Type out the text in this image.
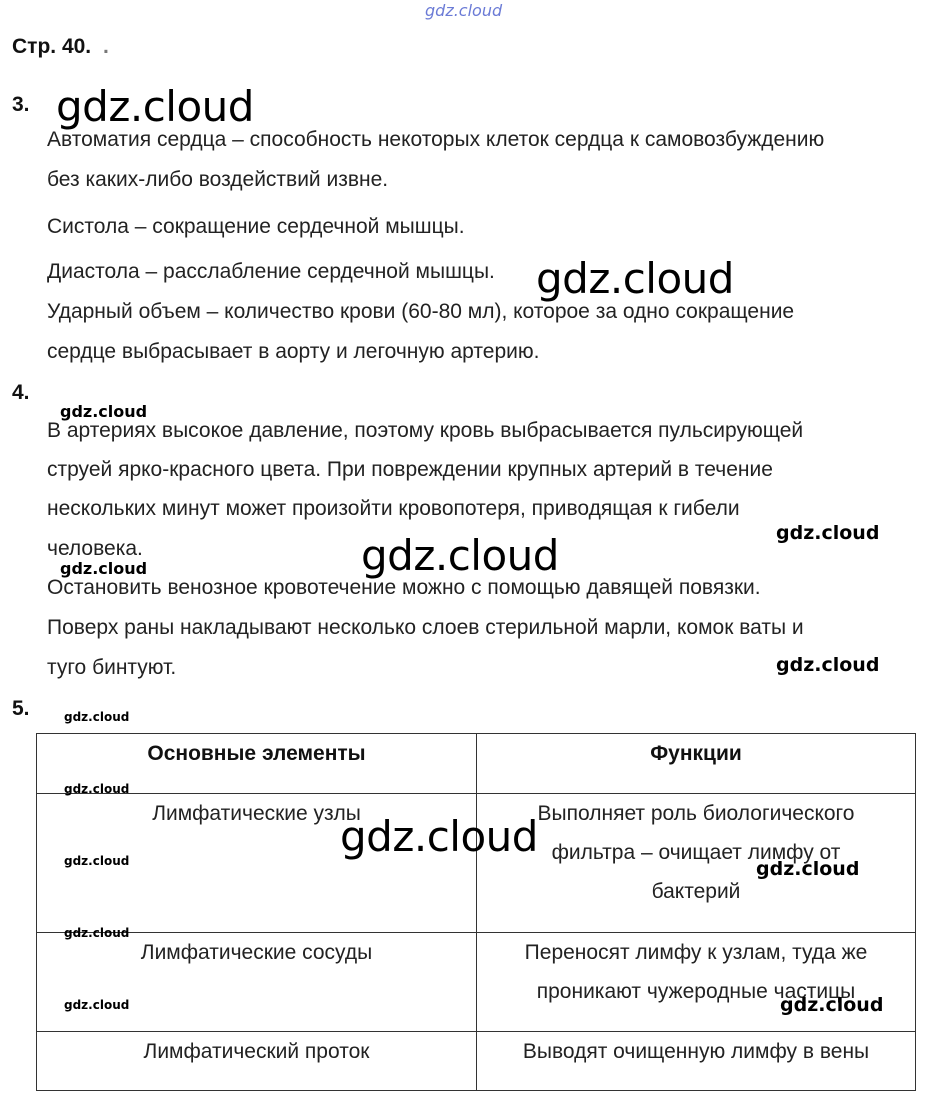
gdz.cloud
Стр. 40. .
3.
Автоматия сердца – способность некоторых клеток сердца к самовозбуждению
без каких-либо воздействий извне.
Систола – сокращение сердечной мышцы.
Диастола – расслабление сердечной мышцы.
Ударный объем – количество крови (60-80 мл), которое за одно сокращение
сердце выбрасывает в аорту и легочную артерию.
4.
В артериях высокое давление, поэтому кровь выбрасывается пульсирующей
струей ярко-красного цвета. При повреждении крупных артерий в течение
нескольких минут может произойти кровопотеря, приводящая к гибели
человека.
Остановить венозное кровотечение можно с помощью давящей повязки.
Поверх раны накладывают несколько слоев стерильной марли, комок ваты и
туго бинтуют.
5.
Основные элементы	Функции
Лимфатические узлы	Выполняет роль биологического
фильтра – очищает лимфу от
бактерий

Лимфатические сосуды	Переносят лимфу к узлам, туда же
проникают чужеродные частицы

Лимфатический проток	Выводят очищенную лимфу в вены
gdz.cloud
gdz.cloud
gdz.cloud
gdz.cloud
gdz.cloud
gdz.cloud
gdz.cloud
gdz.cloud
gdz.cloud
gdz.cloud
gdz.cloud	gdz.cloud
gdz.cloud
gdz.cloud	gdz.cloud
